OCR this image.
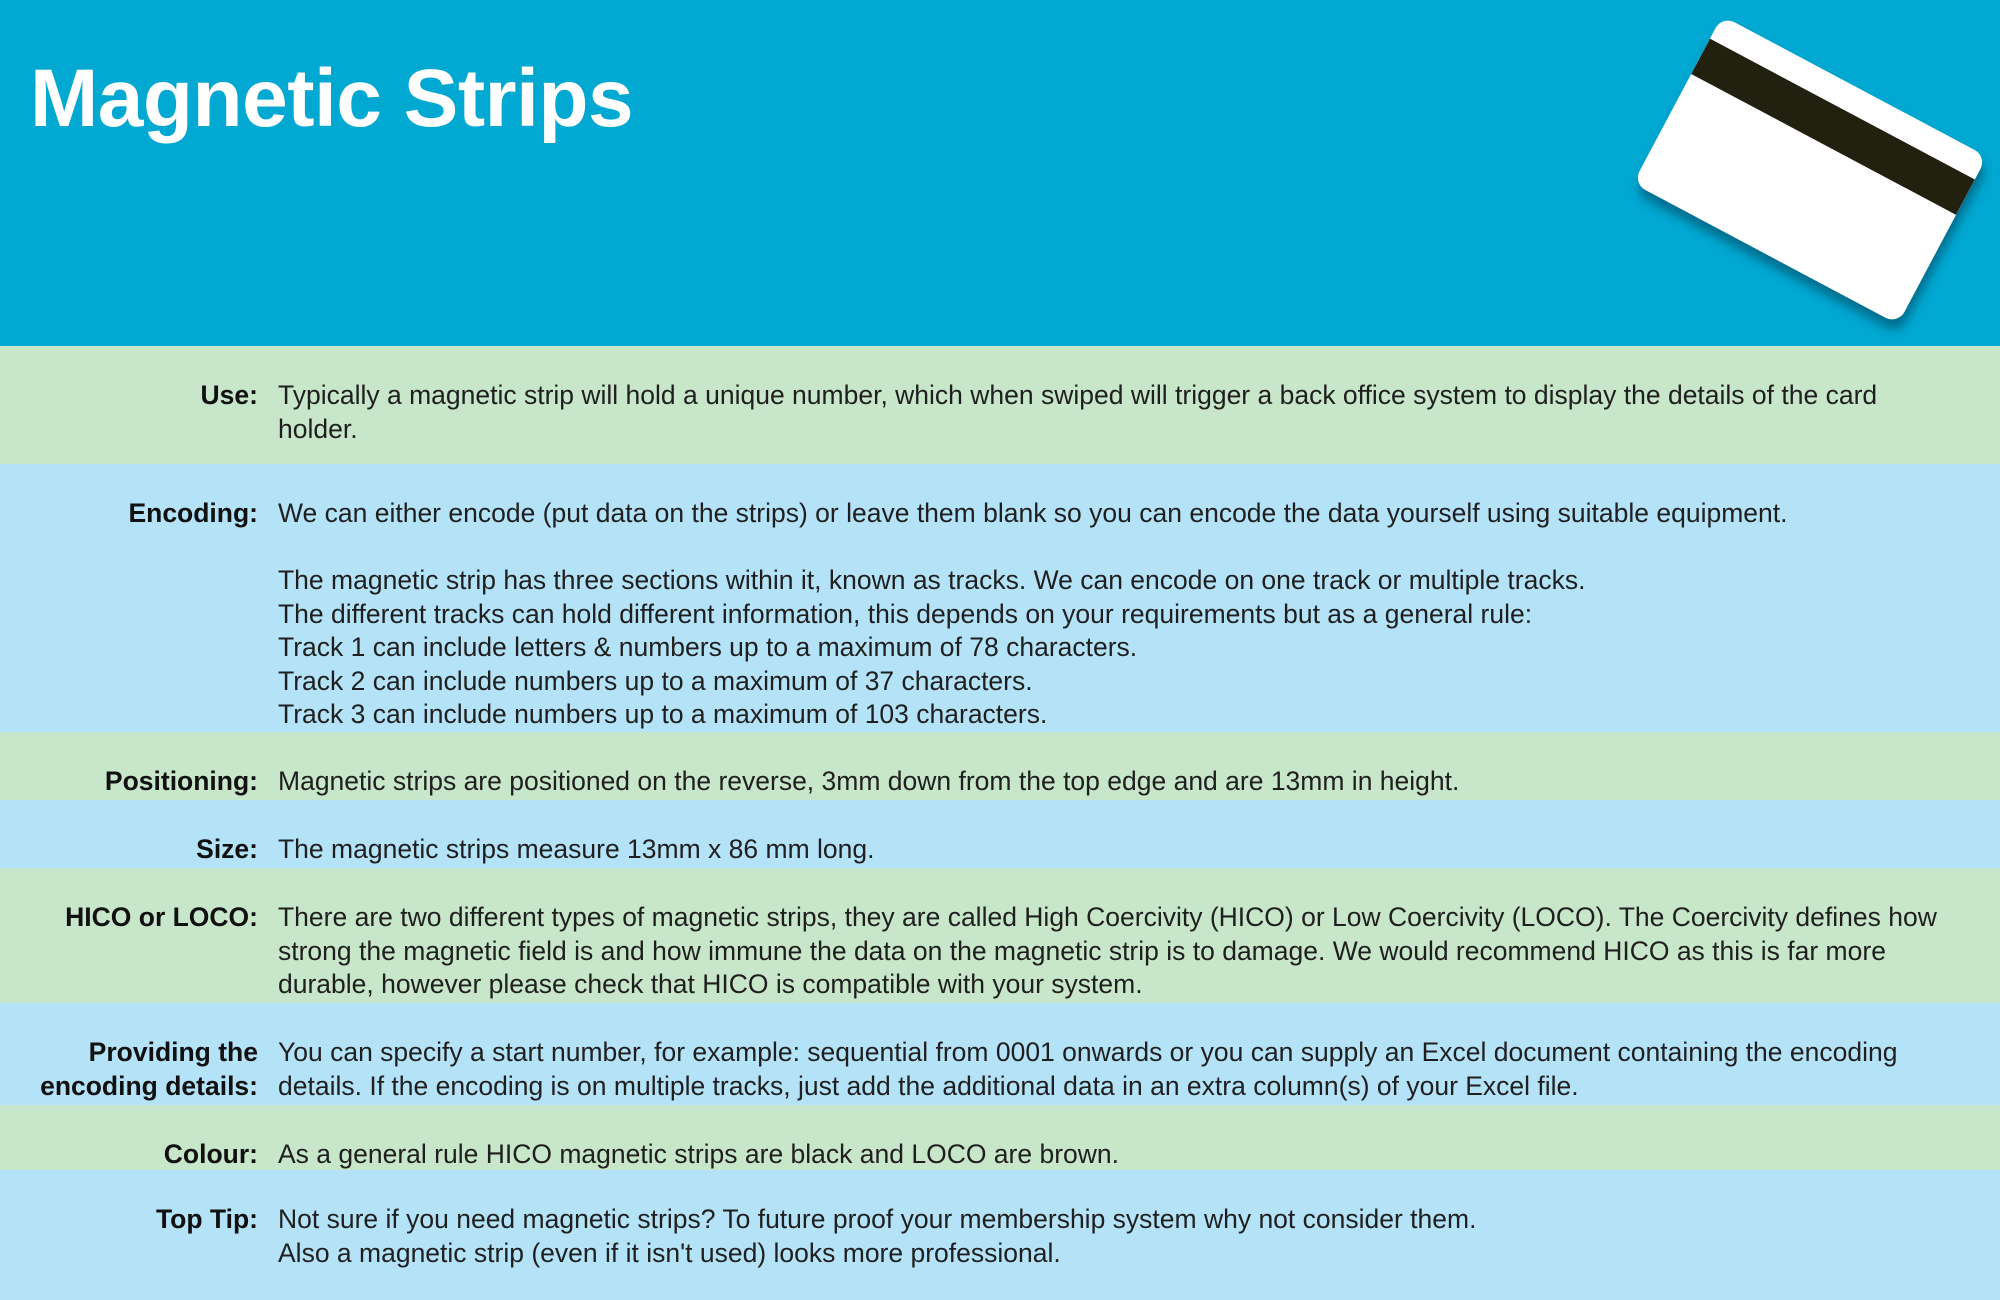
Magnetic Strips
Use: Typically a magnetic strip will hold a unique number, which when swiped will trigger a back office system to display the details of the card holder.

Encoding: We can either encode (put data on the strips) or leave them blank so you can encode the data yourself using suitable equipment.

The magnetic strip has three sections within it, known as tracks. We can encode on one track or multiple tracks.

The different tracks can hold different information, this depends on your requirements but as a general rule:

Track 1 can include letters & numbers up to a maximum of 78 characters.

Track 2 can include numbers up to a maximum of 37 characters.

Track 3 can include numbers up to a maximum of 103 characters.

Positioning: Magnetic strips are positioned on the reverse, 3mm down from the top edge and are 13mm in height.

Size: The magnetic strips measure 13mm x 86 mm long.

HICO or LOCO: There are two different types of magnetic strips, they are called High Coercivity (HICO) or Low Coercivity (LOCO). The Coercivity defines how strong the magnetic field is and how immune the data on the magnetic strip is to damage. We would recommend HICO as this is far more durable, however please check that HICO is compatible with your system.

Providing the
encoding details:

You can specify a start number, for example: sequential from 0001 onwards or you can supply an Excel document containing the encoding details. If the encoding is on multiple tracks, just add the additional data in an extra column(s) of your Excel file.

Colour: As a general rule HICO magnetic strips are black and LOCO are brown.

Top Tip: Not sure if you need magnetic strips? To future proof your membership system why not consider them.

Also a magnetic strip (even if it isn't used) looks more professional.
